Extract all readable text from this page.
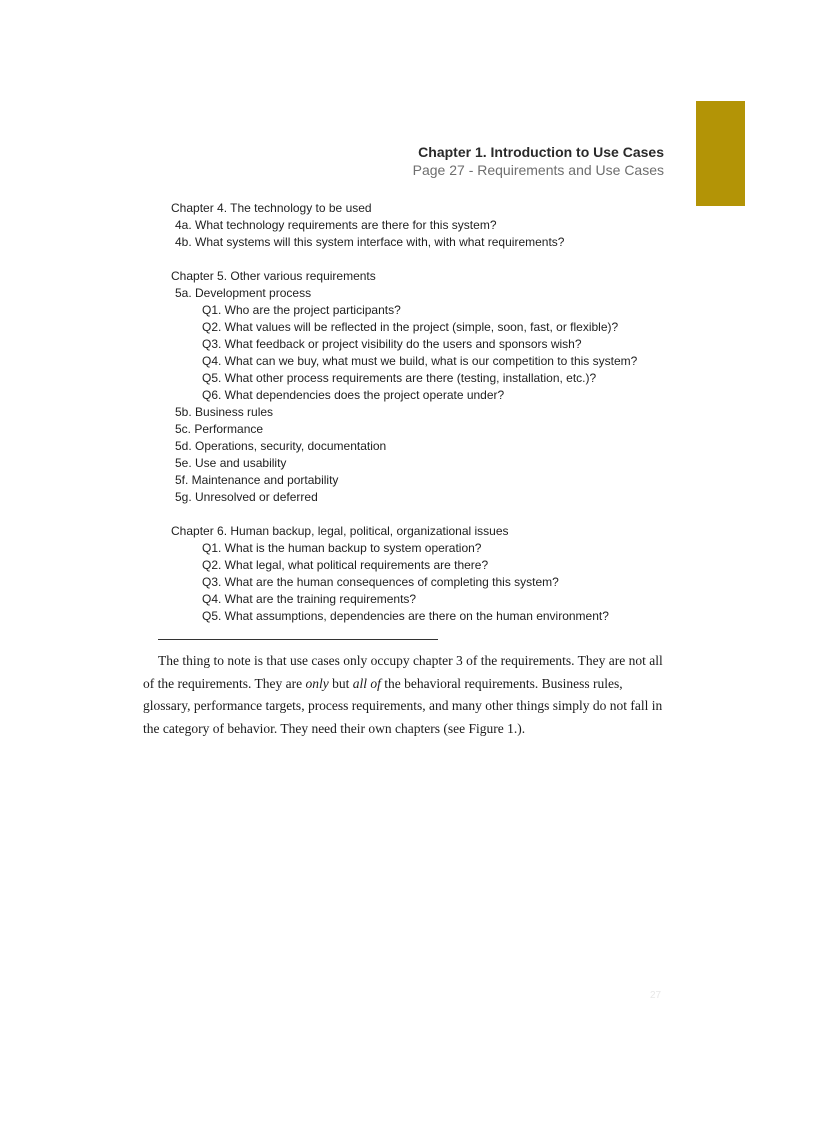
Chapter 1. Introduction to Use Cases
Page 27 - Requirements and Use Cases
Chapter 4. The technology to be used
4a. What technology requirements are there for this system?
4b. What systems will this system interface with, with what requirements?
Chapter 5. Other various requirements
5a. Development process
Q1. Who are the project participants?
Q2. What values will be reflected in the project (simple, soon, fast, or flexible)?
Q3. What feedback or project visibility do the users and sponsors wish?
Q4. What can we buy, what must we build, what is our competition to this system?
Q5. What other process requirements are there (testing, installation, etc.)?
Q6. What dependencies does the project operate under?
5b. Business rules
5c. Performance
5d. Operations, security, documentation
5e. Use and usability
5f. Maintenance and portability
5g. Unresolved or deferred
Chapter 6. Human backup, legal, political, organizational issues
Q1. What is the human backup to system operation?
Q2. What legal, what political requirements are there?
Q3. What are the human consequences of completing this system?
Q4. What are the training requirements?
Q5. What assumptions, dependencies are there on the human environment?

The thing to note is that use cases only occupy chapter 3 of the requirements. They are not all of the requirements. They are only but all of the behavioral requirements. Business rules, glossary, performance targets, process requirements, and many other things simply do not fall in the category of behavior. They need their own chapters (see Figure 1.).

27
